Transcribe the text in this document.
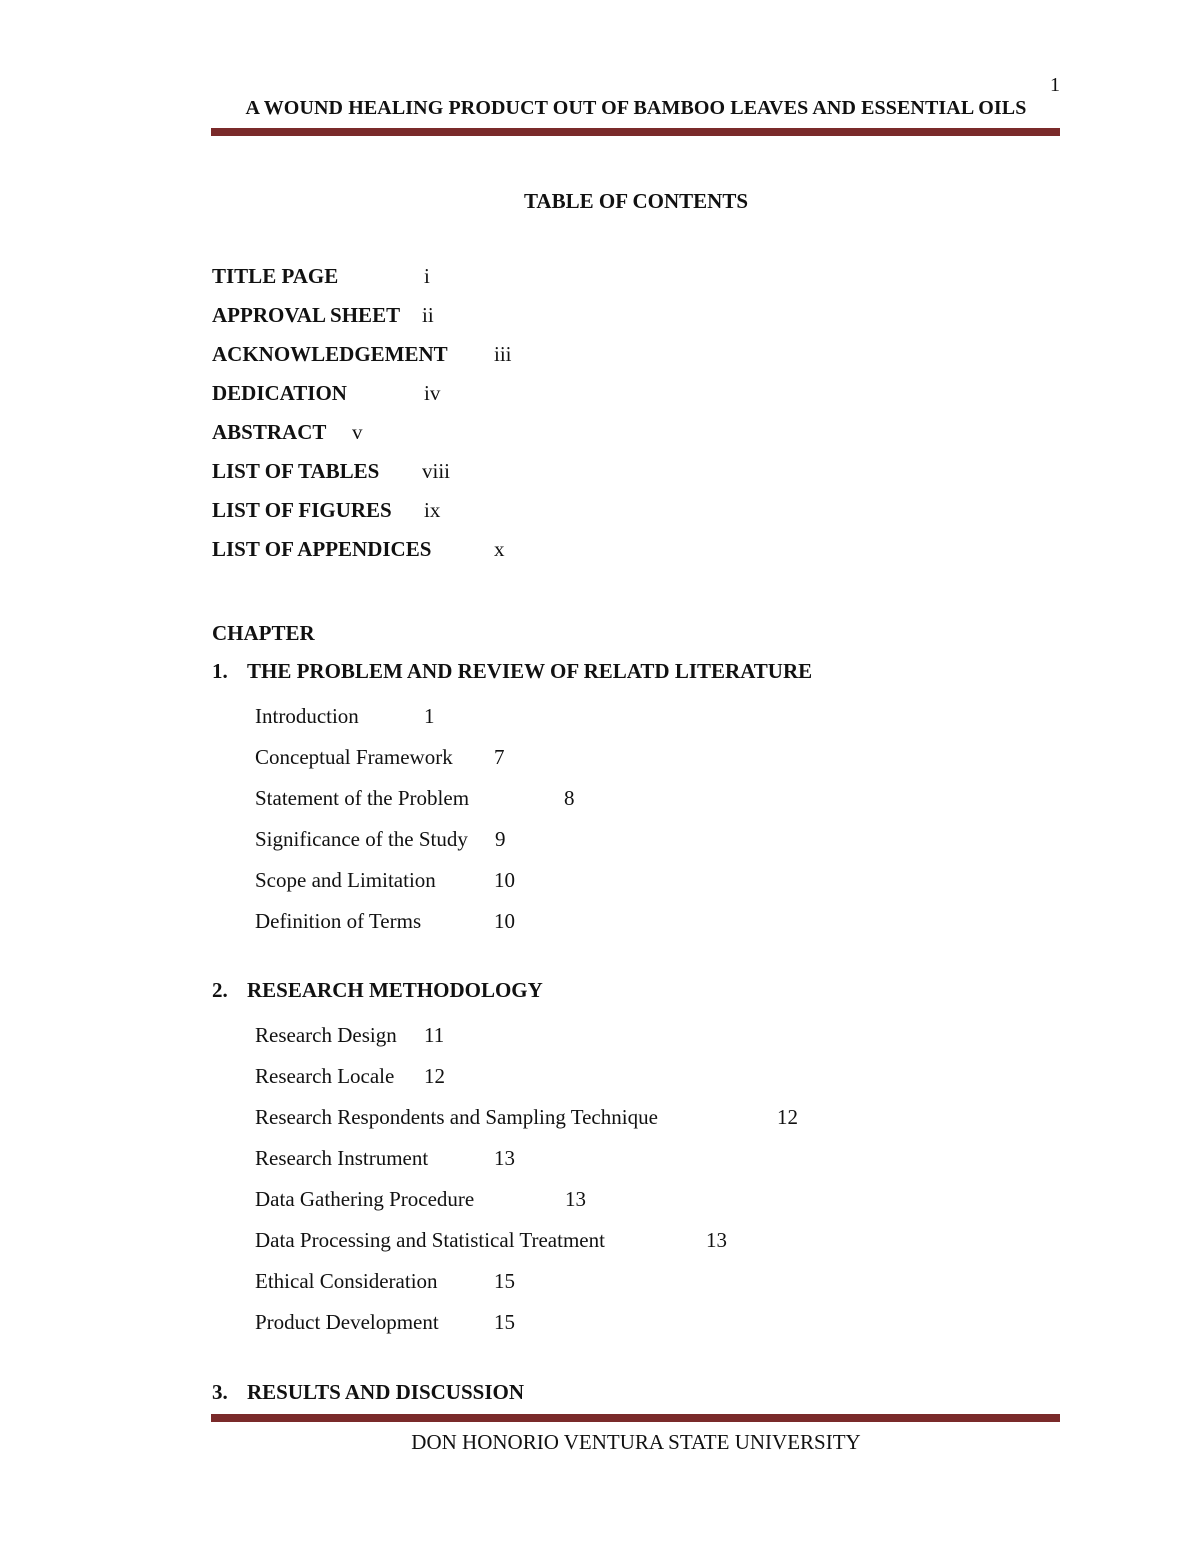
1
A WOUND HEALING PRODUCT OUT OF BAMBOO LEAVES AND ESSENTIAL OILS
TABLE OF CONTENTS
TITLE PAGE	i
APPROVAL SHEET ii
ACKNOWLEDGEMENT iii
DEDICATION	iv
ABSTRACT v
LIST OF TABLES viii
LIST OF FIGURES ix
LIST OF APPENDICES	x
CHAPTER
1. THE PROBLEM AND REVIEW OF RELATD LITERATURE
Introduction	1
Conceptual Framework 7
Statement of the Problem	8
Significance of the Study 9
Scope and Limitation	10
Definition of Terms	10
2. RESEARCH METHODOLOGY
Research Design 11
Research Locale 12
Research Respondents and Sampling Technique	12
Research Instrument	13
Data Gathering Procedure	13
Data Processing and Statistical Treatment	13
Ethical Consideration	15
Product Development	15
3. RESULTS AND DISCUSSION
DON HONORIO VENTURA STATE UNIVERSITY
